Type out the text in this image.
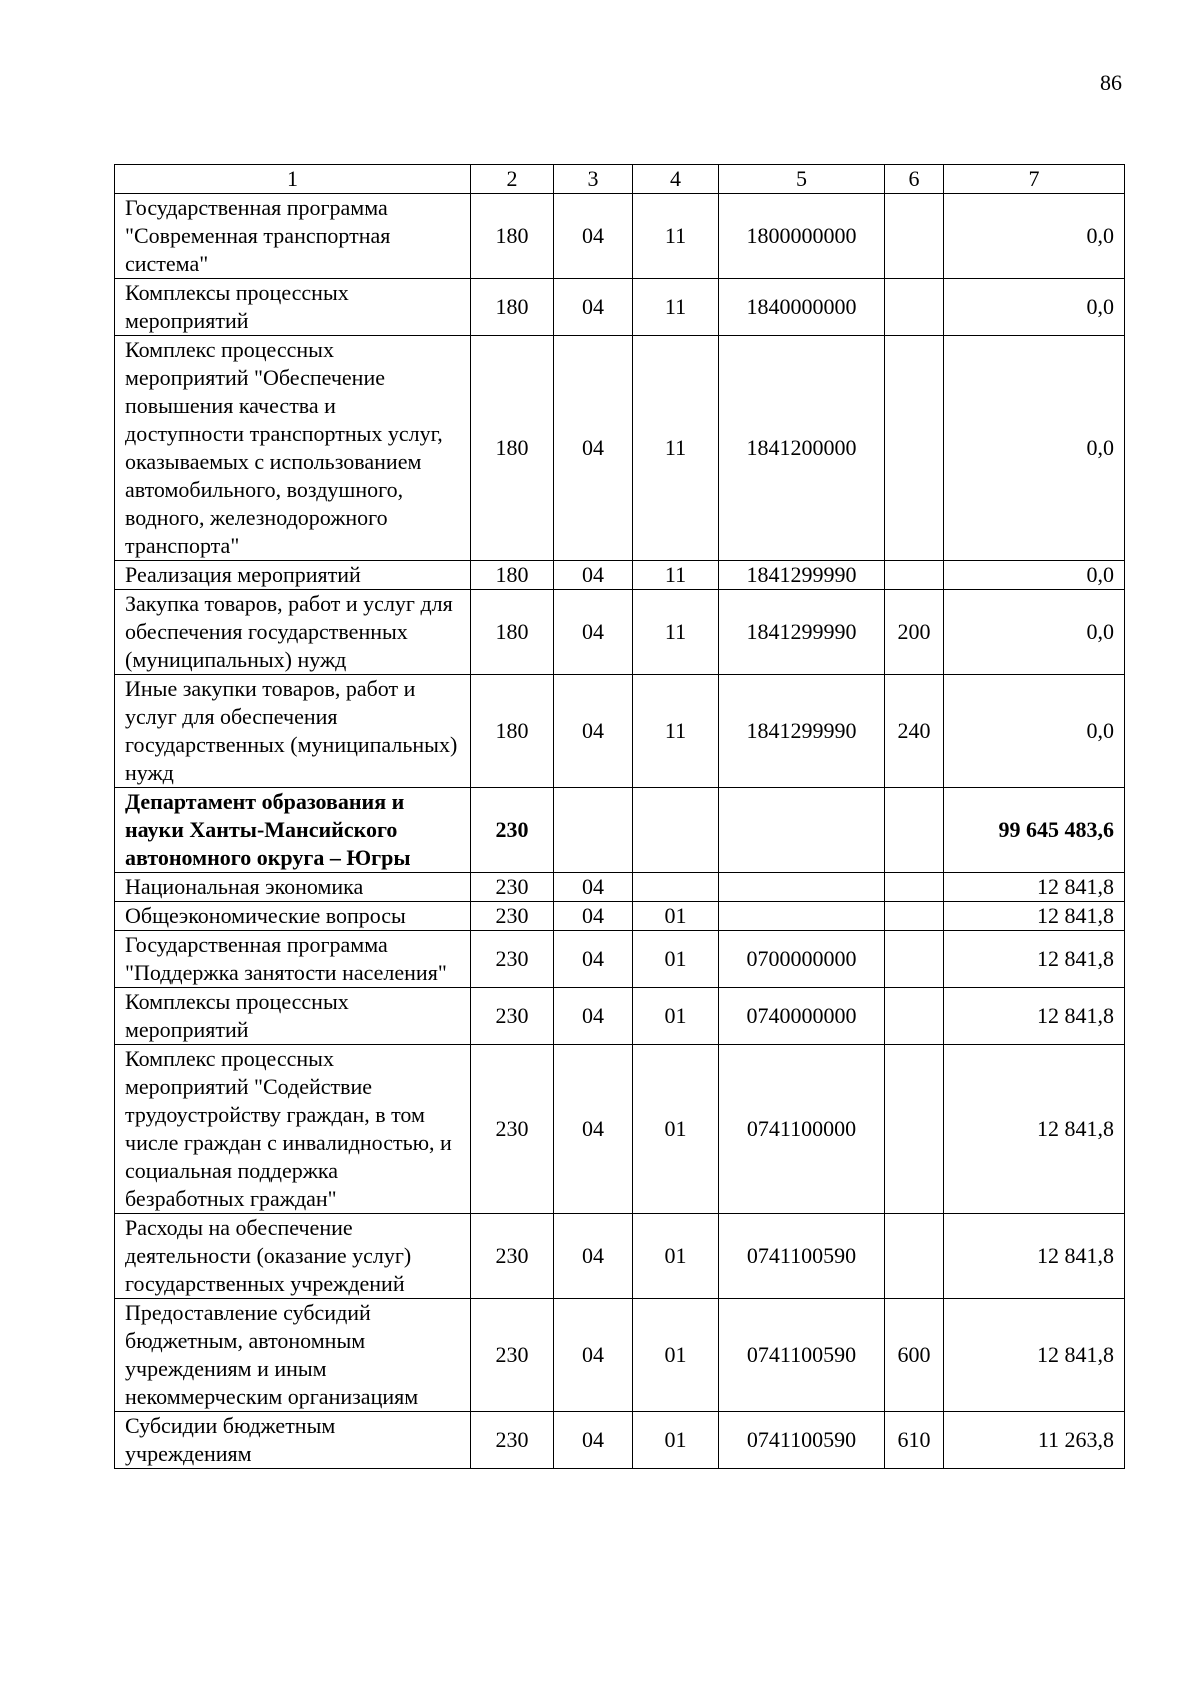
86
1	2	3	4	5	6	7
Государственная программа "Современная транспортная система"	180	04	11	1800000000		0,0
Комплексы процессных мероприятий	180	04	11	1840000000		0,0
Комплекс процессных мероприятий "Обеспечение повышения качества и доступности транспортных услуг, оказываемых с использованием автомобильного, воздушного, водного, железнодорожного транспорта"	180	04	11	1841200000		0,0
Реализация мероприятий	180	04	11	1841299990		0,0
Закупка товаров, работ и услуг для обеспечения государственных (муниципальных) нужд	180	04	11	1841299990	200	0,0
Иные закупки товаров, работ и услуг для обеспечения государственных (муниципальных) нужд	180	04	11	1841299990	240	0,0
Департамент образования и науки Ханты-Мансийского автономного округа – Югры	230					99 645 483,6
Национальная экономика	230	04				12 841,8
Общеэкономические вопросы	230	04	01			12 841,8
Государственная программа "Поддержка занятости населения"	230	04	01	0700000000		12 841,8
Комплексы процессных мероприятий	230	04	01	0740000000		12 841,8
Комплекс процессных мероприятий "Содействие трудоустройству граждан, в том числе граждан с инвалидностью, и социальная поддержка безработных граждан"	230	04	01	0741100000		12 841,8
Расходы на обеспечение деятельности (оказание услуг) государственных учреждений	230	04	01	0741100590		12 841,8
Предоставление субсидий бюджетным, автономным учреждениям и иным некоммерческим организациям	230	04	01	0741100590	600	12 841,8
Субсидии бюджетным учреждениям	230	04	01	0741100590	610	11 263,8
